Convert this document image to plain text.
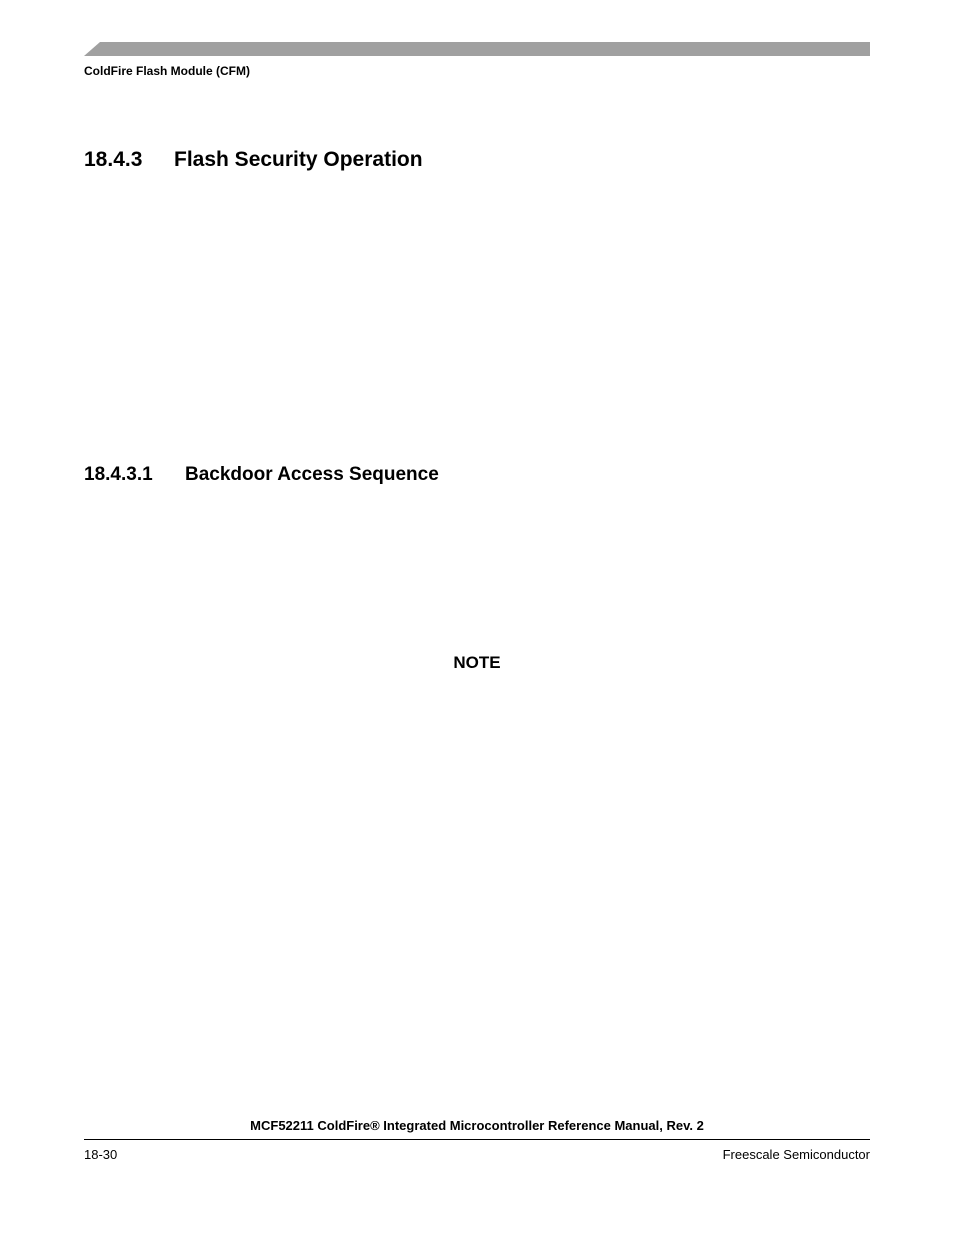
ColdFire Flash Module (CFM)
18.4.3 Flash Security Operation
18.4.3.1 Backdoor Access Sequence
NOTE
MCF52211 ColdFire® Integrated Microcontroller Reference Manual, Rev. 2
18-30	Freescale Semiconductor
